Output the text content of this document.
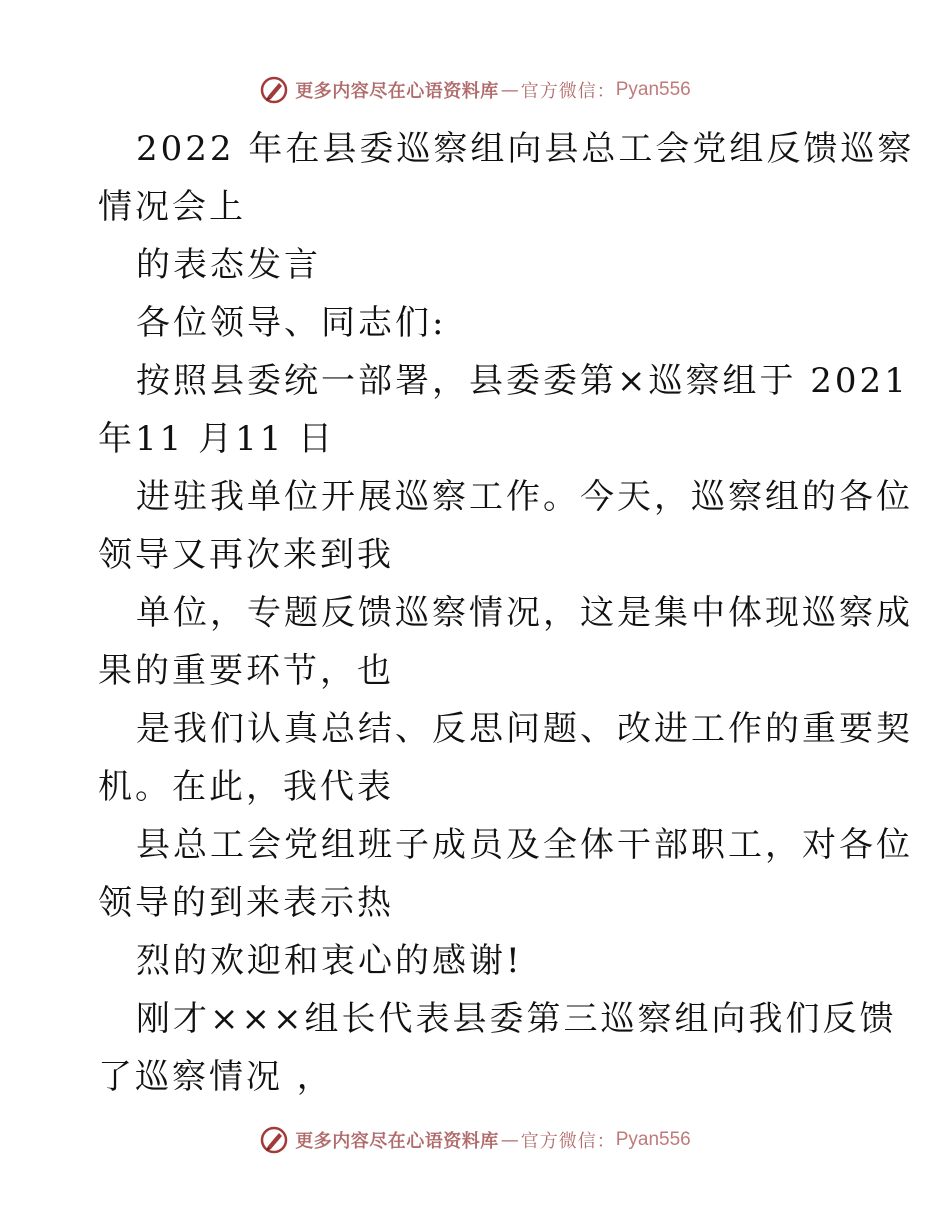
更多内容尽在心语资料库 — 官方微信： Pyan556
2022 年在县委巡察组向县总工会党组反馈巡察
情况会上
的表态发言
各位领导、同志们:
按照县委统一部署，县委委第×巡察组于 2021
年11 月11 日
进驻我单位开展巡察工作。今天，巡察组的各位
领导又再次来到我
单位，专题反馈巡察情况，这是集中体现巡察成
果的重要环节，也
是我们认真总结、反思问题、改进工作的重要契
机。在此，我代表
县总工会党组班子成员及全体干部职工，对各位
领导的到来表示热
烈的欢迎和衷心的感谢!
刚才×××组长代表县委第三巡察组向我们反馈
了巡察情况 ，
更多内容尽在心语资料库 — 官方微信： Pyan556
